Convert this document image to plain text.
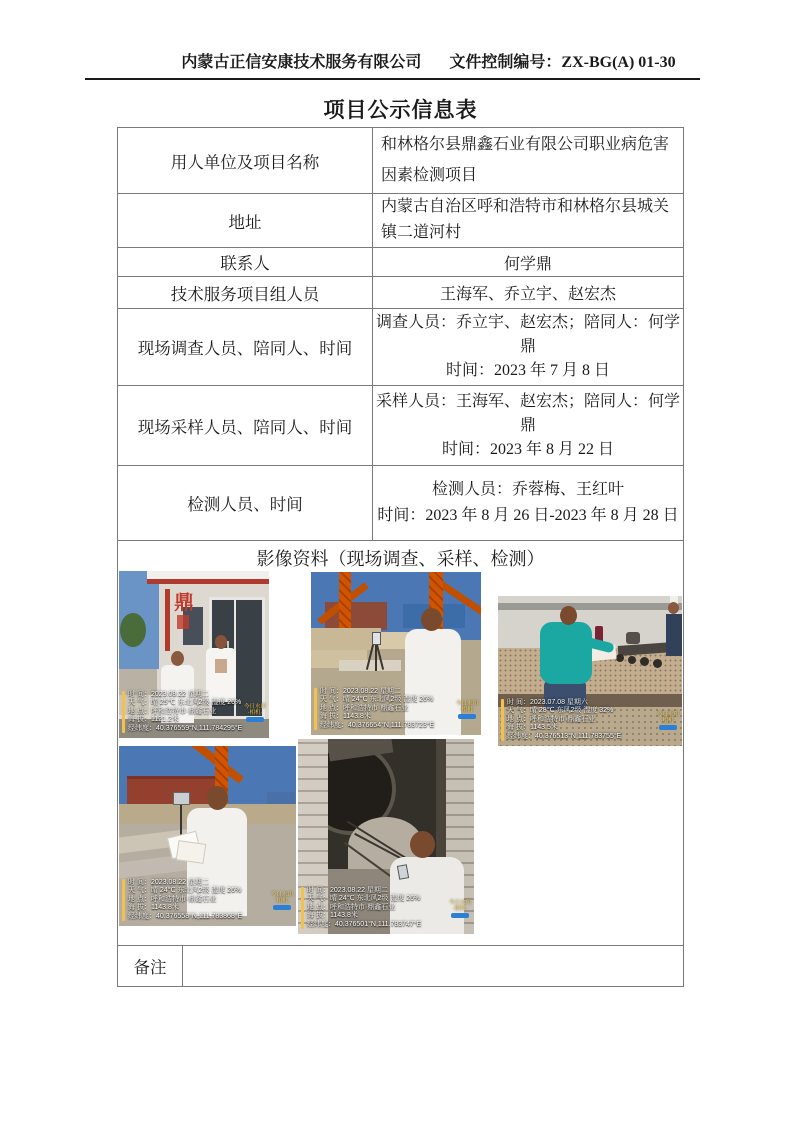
内蒙古正信安康技术服务有限公司 文件控制编号：ZX-BG(A) 01-30
项目公示信息表
用人单位及项目名称
和林格尔县鼎鑫石业有限公司职业病危害因素检测项目
地址
内蒙古自治区呼和浩特市和林格尔县城关镇二道河村
联系人	何学鼎
技术服务项目组人员	王海军、乔立宇、赵宏杰
现场调查人员、陪同人、时间
调查人员：乔立宇、赵宏杰；陪同人：何学鼎
时间：2023 年 7 月 8 日
现场采样人员、陪同人、时间
采样人员：王海军、赵宏杰；陪同人：何学鼎
时间：2023 年 8 月 22 日
检测人员、时间
检测人员：乔蓉梅、王红叶
时间：2023 年 8 月 26 日-2023 年 8 月 28 日
影像资料（现场调查、采样、检测）
鼎
时 间：2023.08.22 星期二
天 气：晴 25℃ 东北风2级 湿度 26%
地 点：呼和浩特市·鼎鑫石业
海 拔：1121.2米
经纬度：40.376559°N,111.784295°E
今日水印
·相机·
时 间：2023.08.22 星期二
天 气：晴 24℃ 东北风2级 湿度 26%
地 点：呼和浩特市·鼎鑫石业
海 拔：1143.8米
经纬度：40.376654°N,111.783723°E
今日水印
·相机·
时 间：2023.07.08 星期六
天 气：晴 28℃ 东风2级 湿度 32%
地 点：呼和浩特市·鼎鑫石业
海 拔：1143.5米
经纬度：40.376513°N,111.783755°E
今日水印
·相机·
时 间：2023.08.22 星期二
天 气：晴 24℃ 东北风2级 湿度 26%
地 点：呼和浩特市·鼎鑫石业
海 拔：1143.8米
经纬度：40.376558°N,111.783868°E
今日水印
·相机·
时 间：2023.08.22 星期二
天 气：晴 24℃ 东北风2级 湿度 26%
地 点：呼和浩特市·鼎鑫石业
海 拔：1143.8米
经纬度：40.376501°N,111.783747°E
今日水印
·相机·
备注
